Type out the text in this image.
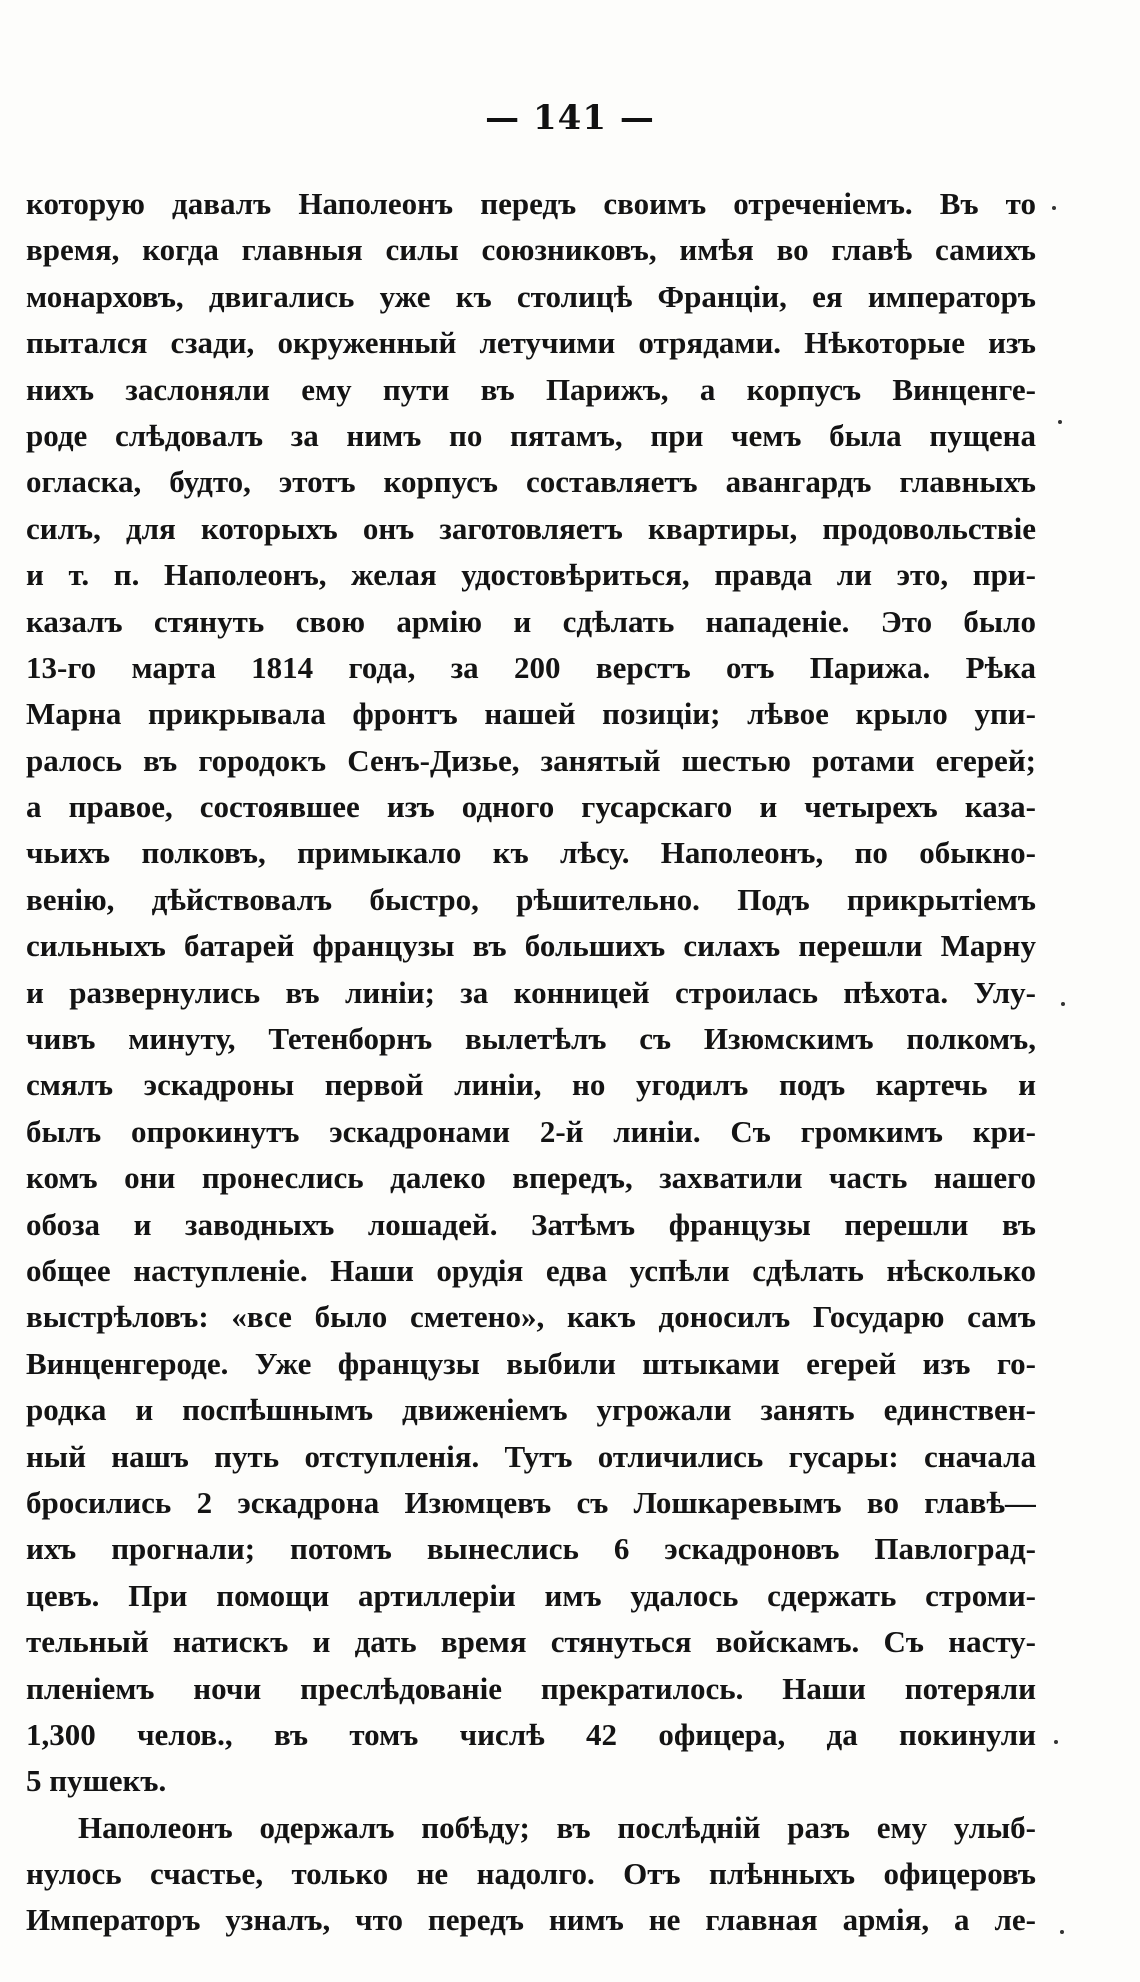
— 141 —
которую давалъ Наполеонъ передъ своимъ отреченіемъ. Въ то
время, когда главныя силы союзниковъ, имѣя во главѣ самихъ
монарховъ, двигались уже къ столицѣ Франціи, ея императоръ
пытался сзади, окруженный летучими отрядами. Нѣкоторые изъ
нихъ заслоняли ему пути въ Парижъ, а корпусъ Винценге-
роде слѣдовалъ за нимъ по пятамъ, при чемъ была пущена
огласка, будто, этотъ корпусъ составляетъ авангардъ главныхъ
силъ, для которыхъ онъ заготовляетъ квартиры, продовольствіе
и т. п. Наполеонъ, желая удостовѣриться, правда ли это, при-
казалъ стянуть свою армію и сдѣлать нападеніе. Это было
13-го марта 1814 года, за 200 верстъ отъ Парижа. Рѣка
Марна прикрывала фронтъ нашей позиціи; лѣвое крыло упи-
ралось въ городокъ Сенъ-Дизье, занятый шестью ротами егерей;
а правое, состоявшее изъ одного гусарскаго и четырехъ каза-
чьихъ полковъ, примыкало къ лѣсу. Наполеонъ, по обыкно-
венію, дѣйствовалъ быстро, рѣшительно. Подъ прикрытіемъ
сильныхъ батарей французы въ большихъ силахъ перешли Марну
и развернулись въ линіи; за конницей строилась пѣхота. Улу-
чивъ минуту, Тетенборнъ вылетѣлъ съ Изюмскимъ полкомъ,
смялъ эскадроны первой линіи, но угодилъ подъ картечь и
былъ опрокинутъ эскадронами 2-й линіи. Съ громкимъ кри-
комъ они пронеслись далеко впередъ, захватили часть нашего
обоза и заводныхъ лошадей. Затѣмъ французы перешли въ
общее наступленіе. Наши орудія едва успѣли сдѣлать нѣсколько
выстрѣловъ: «все было сметено», какъ доносилъ Государю самъ
Винценгероде. Уже французы выбили штыками егерей изъ го-
родка и поспѣшнымъ движеніемъ угрожали занять единствен-
ный нашъ путь отступленія. Тутъ отличились гусары: сначала
бросились 2 эскадрона Изюмцевъ съ Лошкаревымъ во главѣ—
ихъ прогнали; потомъ вынеслись 6 эскадроновъ Павлоград-
цевъ. При помощи артиллеріи имъ удалось сдержать строми-
тельный натискъ и дать время стянуться войскамъ. Съ насту-
пленіемъ ночи преслѣдованіе прекратилось. Наши потеряли
1,300 челов., въ томъ числѣ 42 офицера, да покинули
5 пушекъ.
Наполеонъ одержалъ побѣду; въ послѣдній разъ ему улыб-
нулось счастье, только не надолго. Отъ плѣнныхъ офицеровъ
Императоръ узналъ, что передъ нимъ не главная армія, а ле-
